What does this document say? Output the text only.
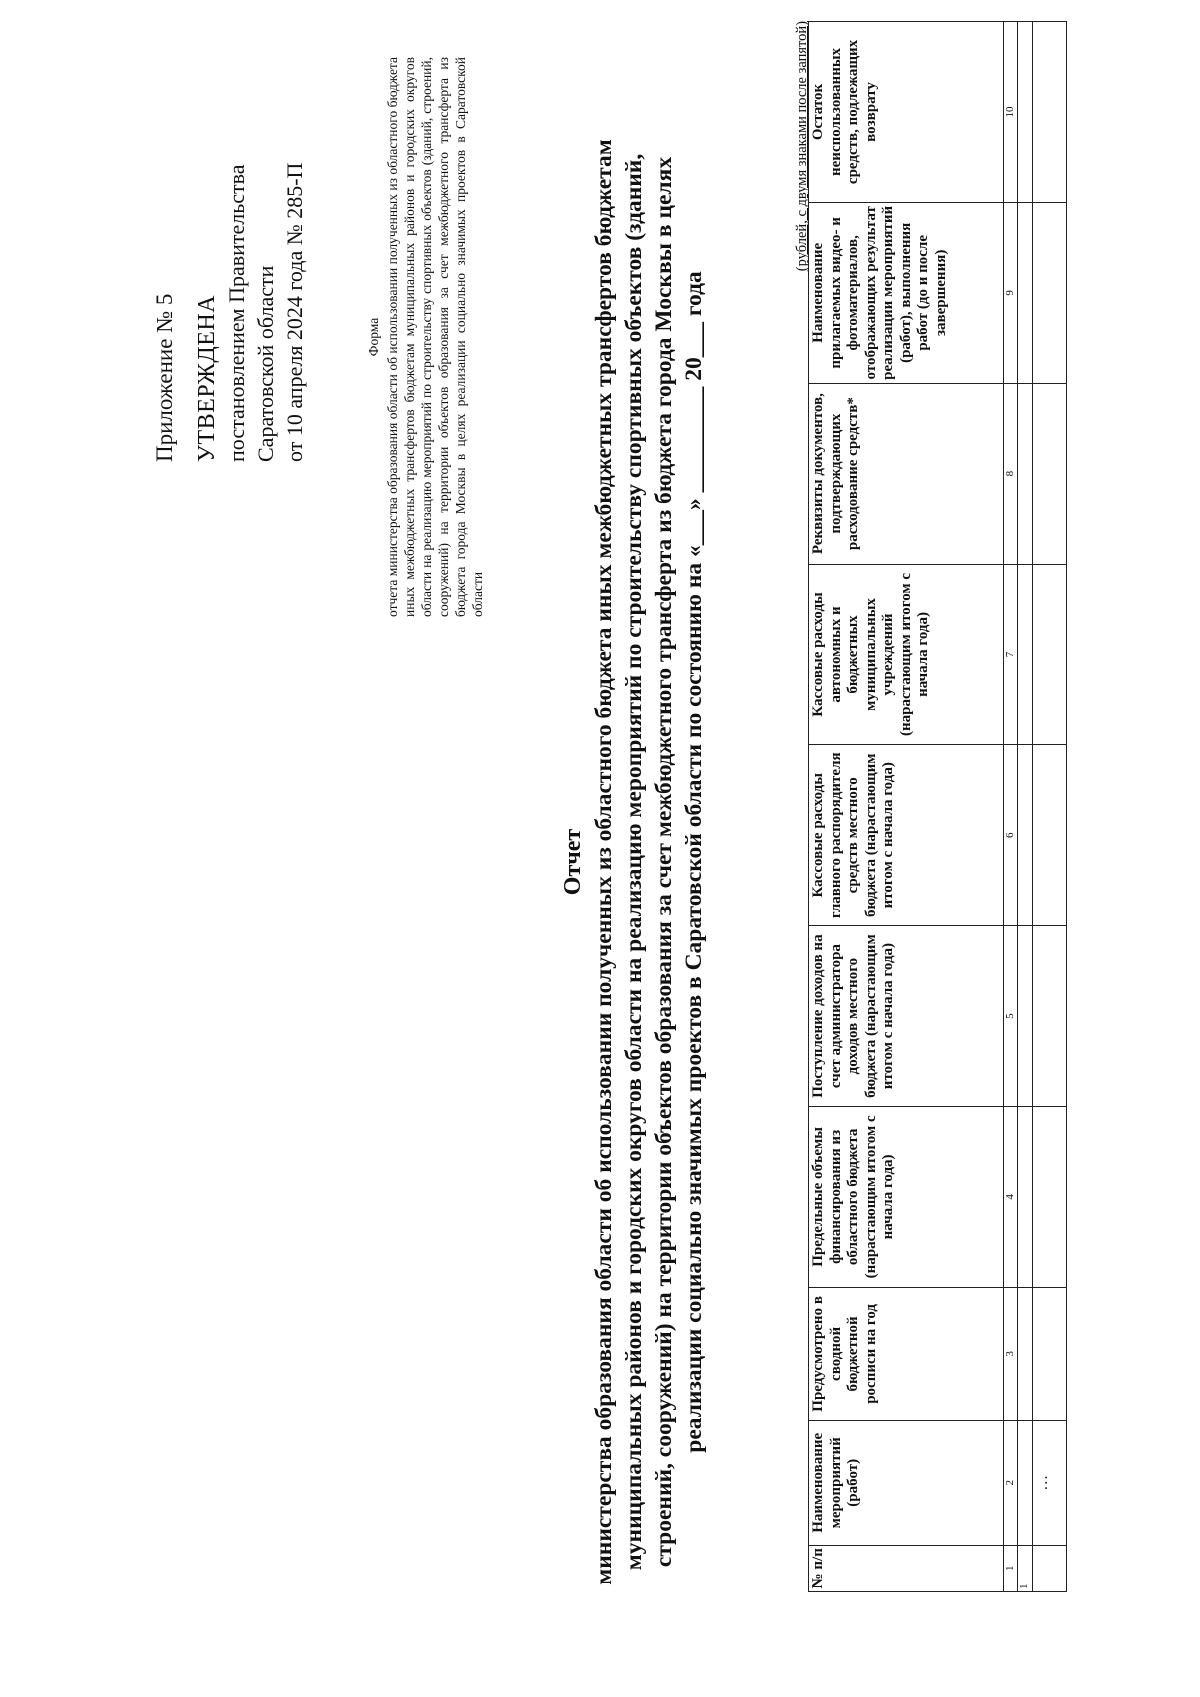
Приложение № 5 УТВЕРЖДЕНА постановлением Правительства Саратовской области от 10 апреля 2024 года № 285-П	Форма отчета министерства образования области об использовании полученных из областного бюджета иных межбюджетных трансфертов бюджетам муниципальных районов и городских округов области на реализацию мероприятий по строительству спортивных объектов (зданий, строений, сооружений) на территории объектов образования за счет межбюджетного трансферта из бюджета города Москвы в целях реализации социально значимых проектов в Саратовской области
Отчет министерства образования области об использовании полученных из областного бюджета иных межбюджетных трансфертов бюджетам муниципальных районов и городских округов области на реализацию мероприятий по строительству спортивных объектов (зданий, строений, сооружений) на территории объектов образования за счет межбюджетного трансферта из бюджета города Москвы в целях реализации социально значимых проектов в Саратовской области по состоянию на «___» _________ 20___ года
(рублей, с двумя знаками после запятой)
№ п/п	Наименование мероприятий (работ)	Предусмотрено в сводной бюджетной росписи на год	Предельные объемы финансирования из областного бюджета (нарастающим итогом с начала года)	Поступление доходов на счет администратора доходов местного бюджета (нарастающим итогом с начала года)	Кассовые расходы главного распорядителя средств местного бюджета (нарастающим итогом с начала года)	Кассовые расходы автономных и бюджетных муниципальных учреждений (нарастающим итогом с начала года)	Реквизиты документов, подтверждающих расходование средств*	Наименование прилагаемых видео- и фотоматериалов, отображающих результат реализации мероприятий (работ), выполнения работ (до и после завершения)	Остаток неиспользованных средств, подлежащих возврату
1	2	3	4	5	6	7	8	9	10
1									
	…								
